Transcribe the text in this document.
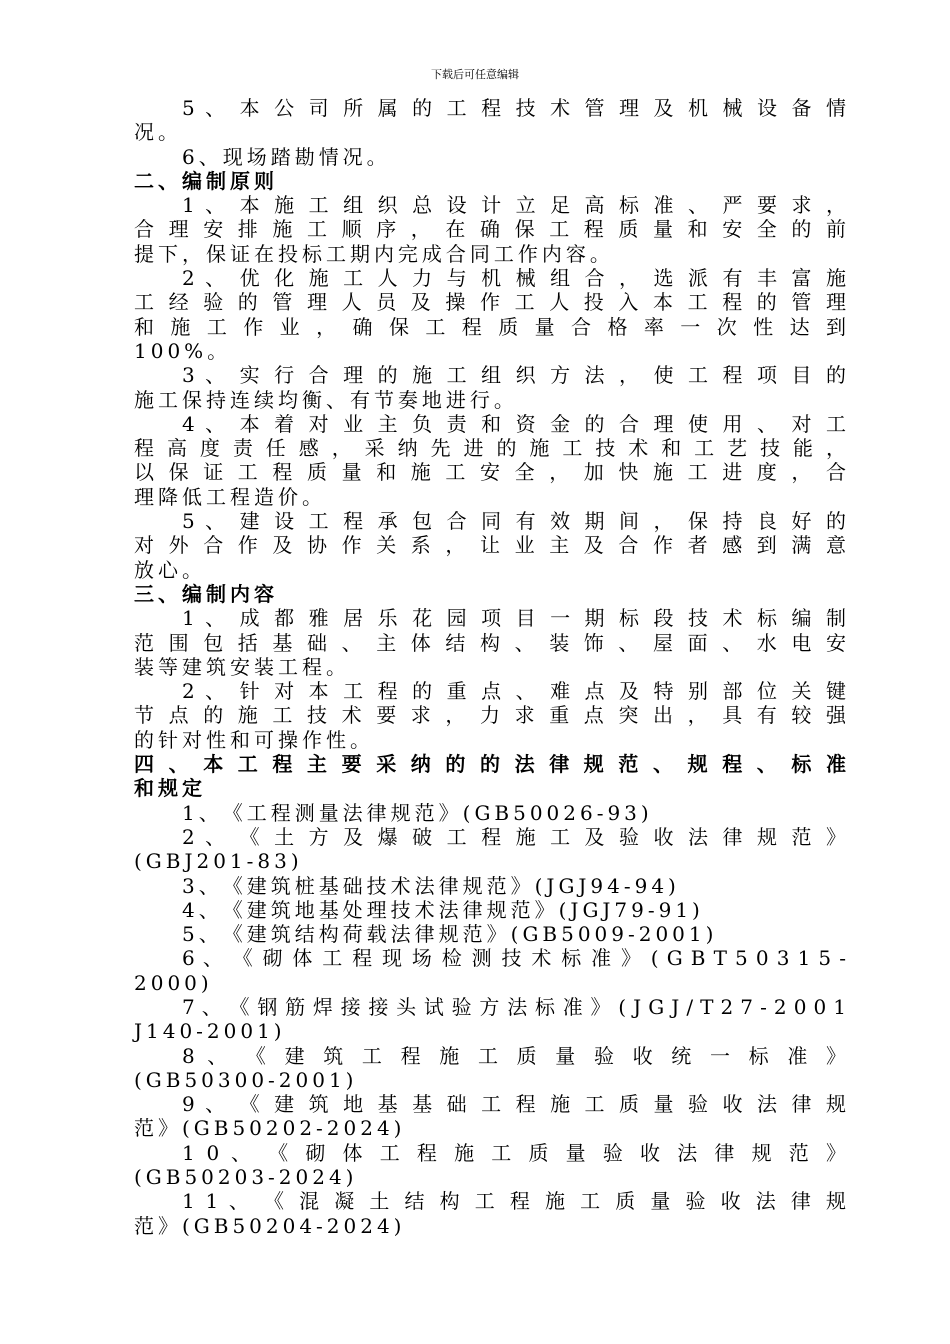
下载后可任意编辑
5 、 本 公 司 所 属 的 工 程 技 术 管 理 及 机 械 设 备 情
况 。
6 、 现 场 踏 勘 情 况 。
二 、 编 制 原 则
1 、 本 施 工 组 织 总 设 计 立 足 高 标 准 、 严 要 求 ，
合 理 安 排 施 工 顺 序 ， 在 确 保 工 程 质 量 和 安 全 的 前
提 下 ， 保 证 在 投 标 工 期 内 完 成 合 同 工 作 内 容 。
2 、 优 化 施 工 人 力 与 机 械 组 合 ， 选 派 有 丰 富 施
工 经 验 的 管 理 人 员 及 操 作 工 人 投 入 本 工 程 的 管 理
和 施 工 作 业 ， 确 保 工 程 质 量 合 格 率 一 次 性 达 到
1 0 0 % 。
3 、 实 行 合 理 的 施 工 组 织 方 法 ， 使 工 程 项 目 的
施 工 保 持 连 续 均 衡 、 有 节 奏 地 进 行 。
4 、 本 着 对 业 主 负 责 和 资 金 的 合 理 使 用 、 对 工
程 高 度 责 任 感 ， 采 纳 先 进 的 施 工 技 术 和 工 艺 技 能 ，
以 保 证 工 程 质 量 和 施 工 安 全 ， 加 快 施 工 进 度 ， 合
理 降 低 工 程 造 价 。
5 、 建 设 工 程 承 包 合 同 有 效 期 间 ， 保 持 良 好 的
对 外 合 作 及 协 作 关 系 ， 让 业 主 及 合 作 者 感 到 满 意
放 心 。
三 、 编 制 内 容
1 、 成 都 雅 居 乐 花 园 项 目 一 期 标 段 技 术 标 编 制
范 围 包 括 基 础 、 主 体 结 构 、 装 饰 、 屋 面 、 水 电 安
装 等 建 筑 安 装 工 程 。
2 、 针 对 本 工 程 的 重 点 、 难 点 及 特 别 部 位 关 键
节 点 的 施 工 技 术 要 求 ， 力 求 重 点 突 出 ， 具 有 较 强
的 针 对 性 和 可 操 作 性 。
四 、 本 工 程 主 要 采 纳 的 的 法 律 规 范 、 规 程 、 标 准
和 规 定
1 、 《 工 程 测 量 法 律 规 范 》 ( G B 5 0 0 2 6 - 9 3 )
2 、 《 土 方 及 爆 破 工 程 施 工 及 验 收 法 律 规 范 》
( G B J 2 0 1 - 8 3 )
3 、 《 建 筑 桩 基 础 技 术 法 律 规 范 》 ( J G J 9 4 - 9 4 )
4 、 《 建 筑 地 基 处 理 技 术 法 律 规 范 》 ( J G J 7 9 - 9 1 )
5 、 《 建 筑 结 构 荷 载 法 律 规 范 》 ( G B 5 0 0 9 - 2 0 0 1 )
6 、 《 砌 体 工 程 现 场 检 测 技 术 标 准 》 ( G B T 5 0 3 1 5 -
2 0 0 0 )
7 、 《 钢 筋 焊 接 接 头 试 验 方 法 标 准 》 ( J G J / T 2 7 - 2 0 0 1
J 1 4 0 - 2 0 0 1 )
8 、 《 建 筑 工 程 施 工 质 量 验 收 统 一 标 准 》
( G B 5 0 3 0 0 - 2 0 0 1 )
9 、 《 建 筑 地 基 基 础 工 程 施 工 质 量 验 收 法 律 规
范 》 ( G B 5 0 2 0 2 - 2 0 2 4 )
1 0 、 《 砌 体 工 程 施 工 质 量 验 收 法 律 规 范 》
( G B 5 0 2 0 3 - 2 0 2 4 )
1 1 、 《 混 凝 土 结 构 工 程 施 工 质 量 验 收 法 律 规
范 》 ( G B 5 0 2 0 4 - 2 0 2 4 )
